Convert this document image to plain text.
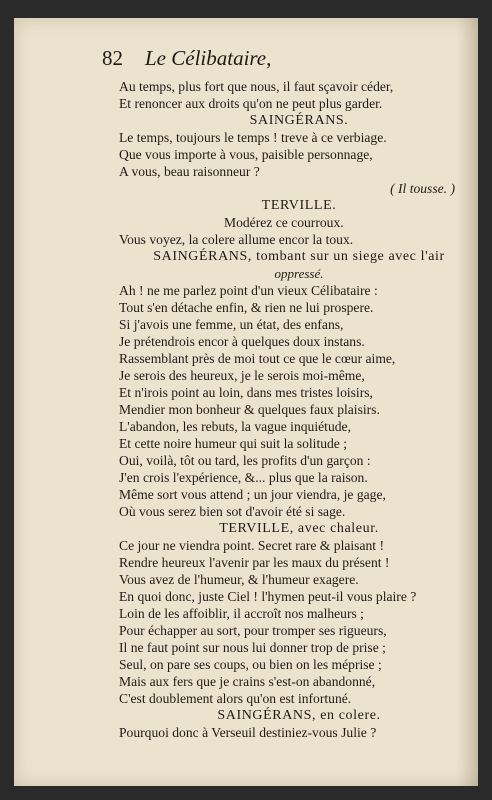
82 Le Célibataire,
Au temps, plus fort que nous, il faut sçavoir céder,
Et renoncer aux droits qu'on ne peut plus garder.
SAINGÉRANS.
Le temps, toujours le temps ! treve à ce verbiage.
Que vous importe à vous, paisible personnage,
A vous, beau raisonneur ?
( Il tousse. )
TERVILLE.
Modérez ce courroux.
Vous voyez, la colere allume encor la toux.
SAINGÉRANS, tombant sur un siege avec l'air
oppressé.
Ah ! ne me parlez point d'un vieux Célibataire :
Tout s'en détache enfin, & rien ne lui prospere.
Si j'avois une femme, un état, des enfans,
Je prétendrois encor à quelques doux instans.
Rassemblant près de moi tout ce que le cœur aime,
Je serois des heureux, je le serois moi-même,
Et n'irois point au loin, dans mes tristes loisirs,
Mendier mon bonheur & quelques faux plaisirs.
L'abandon, les rebuts, la vague inquiétude,
Et cette noire humeur qui suit la solitude ;
Oui, voilà, tôt ou tard, les profits d'un garçon :
J'en crois l'expérience, &... plus que la raison.
Même sort vous attend ; un jour viendra, je gage,
Où vous serez bien sot d'avoir été si sage.
TERVILLE, avec chaleur.
Ce jour ne viendra point. Secret rare & plaisant !
Rendre heureux l'avenir par les maux du présent !
Vous avez de l'humeur, & l'humeur exagere.
En quoi donc, juste Ciel ! l'hymen peut-il vous plaire ?
Loin de les affoiblir, il accroît nos malheurs ;
Pour échapper au sort, pour tromper ses rigueurs,
Il ne faut point sur nous lui donner trop de prise ;
Seul, on pare ses coups, ou bien on les méprise ;
Mais aux fers que je crains s'est-on abandonné,
C'est doublement alors qu'on est infortuné.
SAINGÉRANS, en colere.
Pourquoi donc à Verseuil destiniez-vous Julie ?
